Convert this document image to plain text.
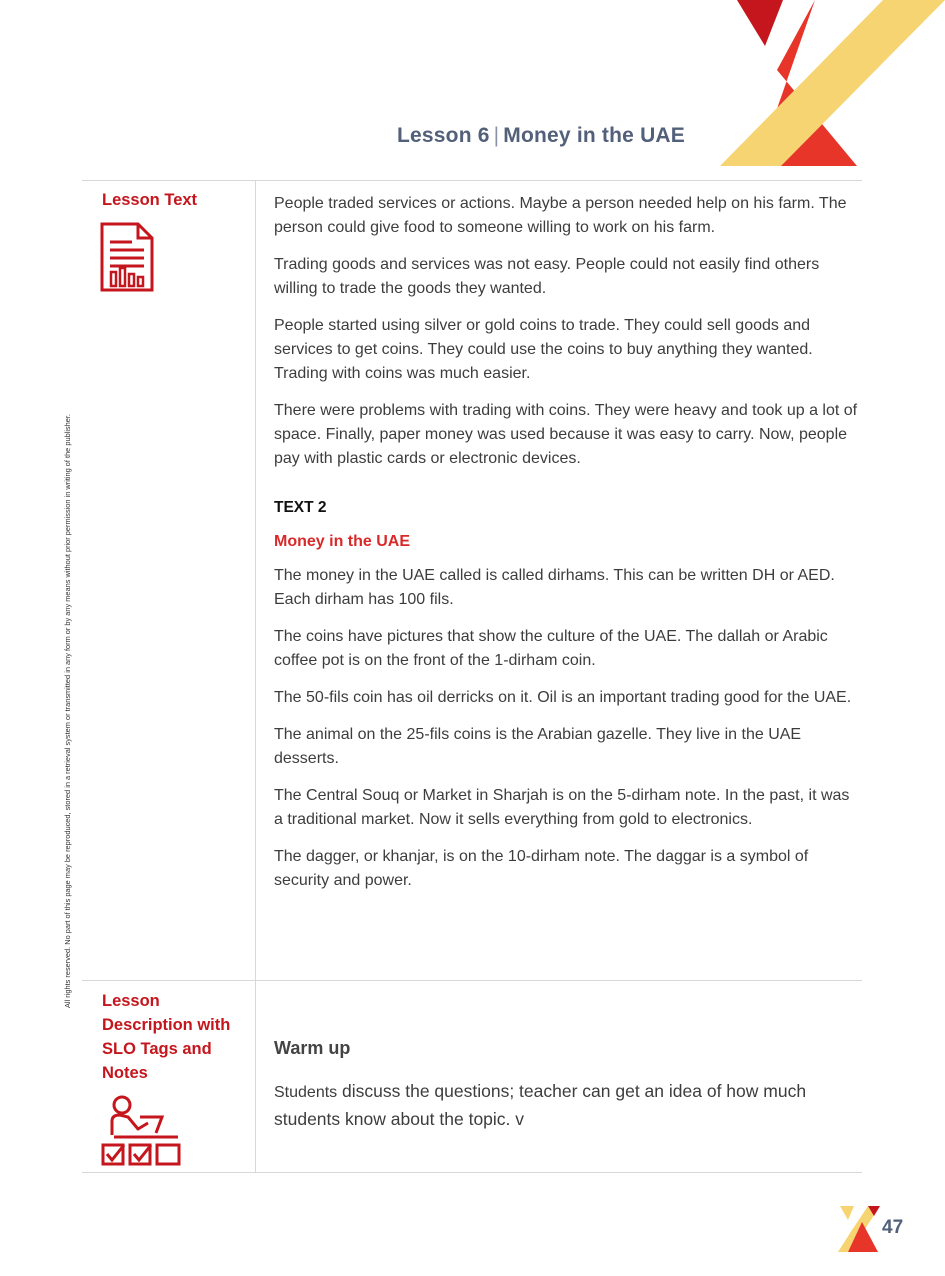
Lesson 6 | Money in the UAE
All rights reserved. No part of this page may be reproduced, stored in a retrieval system or transmitted in any form or by any means without prior permission in writing of the publisher.
Lesson Text	People traded services or actions. Maybe a person needed help on his farm. The person could give food to someone willing to work on his farm.

Trading goods and services was not easy. People could not easily find others willing to trade the goods they wanted.

People started using silver or gold coins to trade. They could sell goods and services to get coins. They could use the coins to buy anything they wanted. Trading with coins was much easier.

There were problems with trading with coins. They were heavy and took up a lot of space. Finally, paper money was used because it was easy to carry. Now, people pay with plastic cards or electronic devices.

TEXT 2
Money in the UAE

The money in the UAE called is called dirhams. This can be written DH or AED. Each dirham has 100 fils.

The coins have pictures that show the culture of the UAE. The dallah or Arabic coffee pot is on the front of the 1-dirham coin.

The 50-fils coin has oil derricks on it. Oil is an important trading good for the UAE.

The animal on the 25-fils coins is the Arabian gazelle. They live in the UAE desserts.

The Central Souq or Market in Sharjah is on the 5-dirham note. In the past, it was a traditional market. Now it sells everything from gold to electronics.

The dagger, or khanjar, is on the 10-dirham note. The daggar is a symbol of security and power.

Lesson
Description with
SLO Tags and
Notes
Warm up
Students discuss the questions; teacher can get an idea of how much students know about the topic. v
47
